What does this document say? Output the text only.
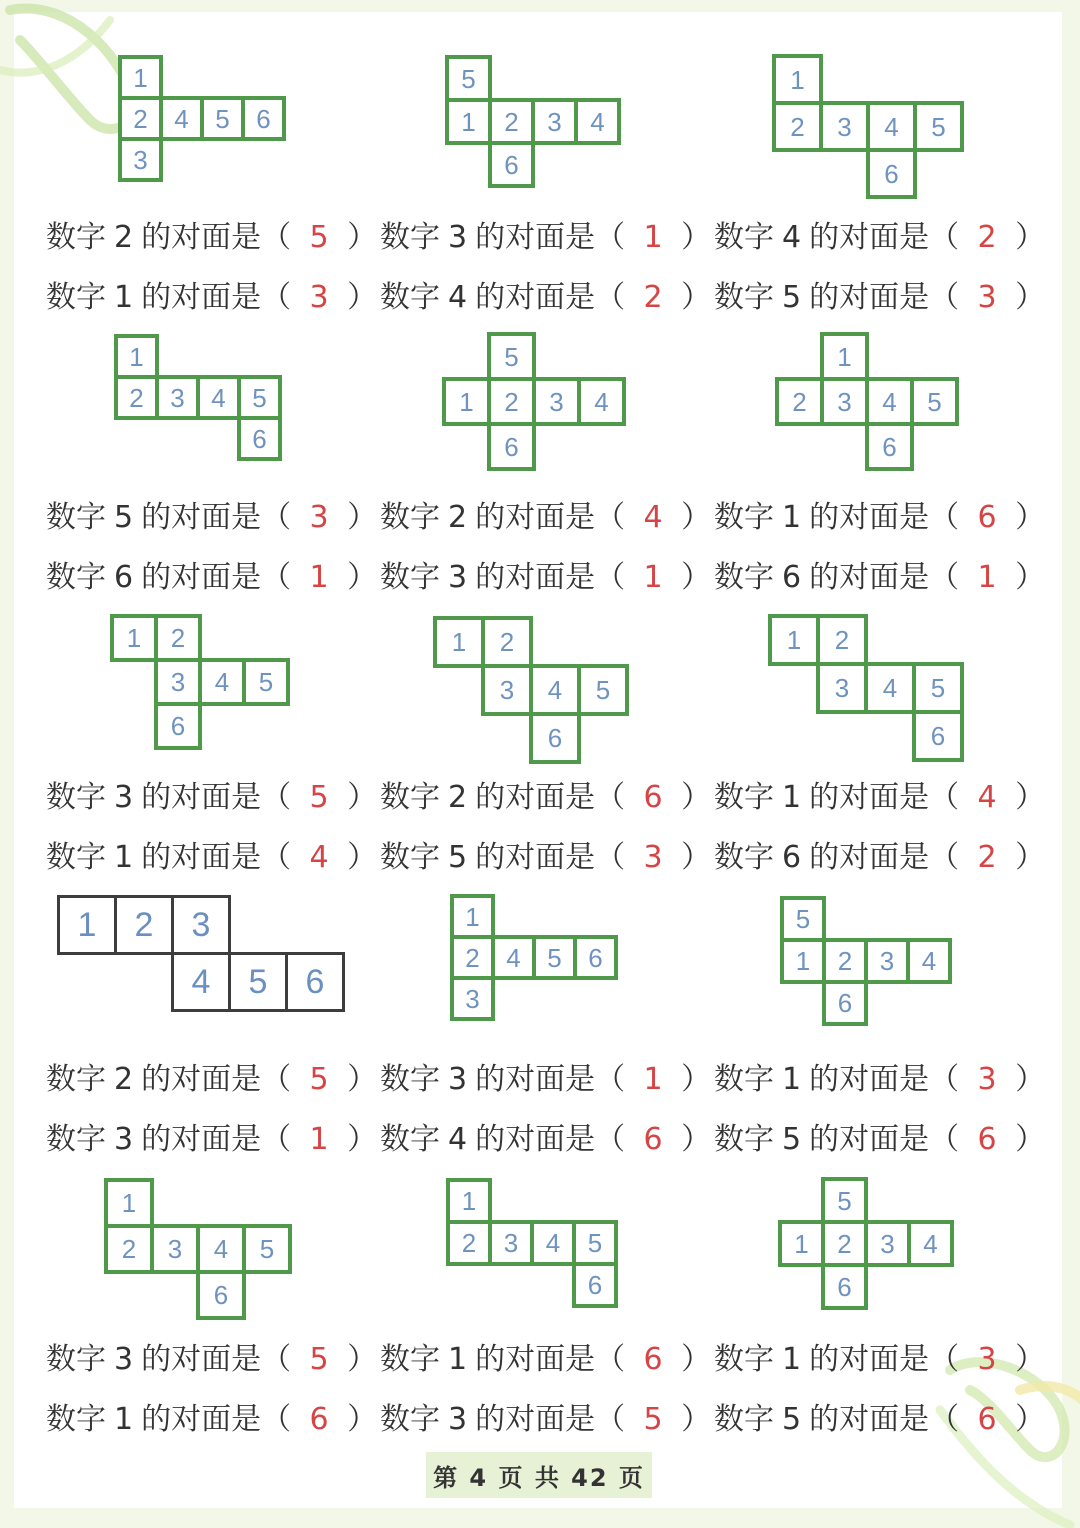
1
2	4	5	6
3
5
1	2	3	4
6
1
2	3	4	5
6
1
2	3	4	5
6
5
1	2	3	4
6
1
2	3	4	5
6
1	2
3	4	5
6
1	2
3	4	5
6
1	2
3	4	5
6
1	2	3
4	5	6
1
2	4	5	6
3
5
1	2	3	4
6
1
2	3	4	5
6
1
2	3	4	5
6
5
1	2	3	4
6
数字 2 的对面是（ 5 ） 数字 3 的对面是（ 1 ） 数字 4 的对面是（ 2 ）
数字 1 的对面是（ 3 ） 数字 4 的对面是（ 2 ） 数字 5 的对面是（ 3 ）
数字 5 的对面是（ 3 ） 数字 2 的对面是（ 4 ） 数字 1 的对面是（ 6 ）
数字 6 的对面是（ 1 ） 数字 3 的对面是（ 1 ） 数字 6 的对面是（ 1 ）
数字 3 的对面是（ 5 ） 数字 2 的对面是（ 6 ） 数字 1 的对面是（ 4 ）
数字 1 的对面是（ 4 ） 数字 5 的对面是（ 3 ） 数字 6 的对面是（ 2 ）
数字 2 的对面是（ 5 ） 数字 3 的对面是（ 1 ） 数字 1 的对面是（ 3 ）
数字 3 的对面是（ 1 ） 数字 4 的对面是（ 6 ） 数字 5 的对面是（ 6 ）
数字 3 的对面是（ 5 ） 数字 1 的对面是（ 6 ） 数字 1 的对面是（ 3 ）
数字 1 的对面是（ 6 ） 数字 3 的对面是（ 5 ） 数字 5 的对面是（ 6 ）
第 4 页 共 42 页
